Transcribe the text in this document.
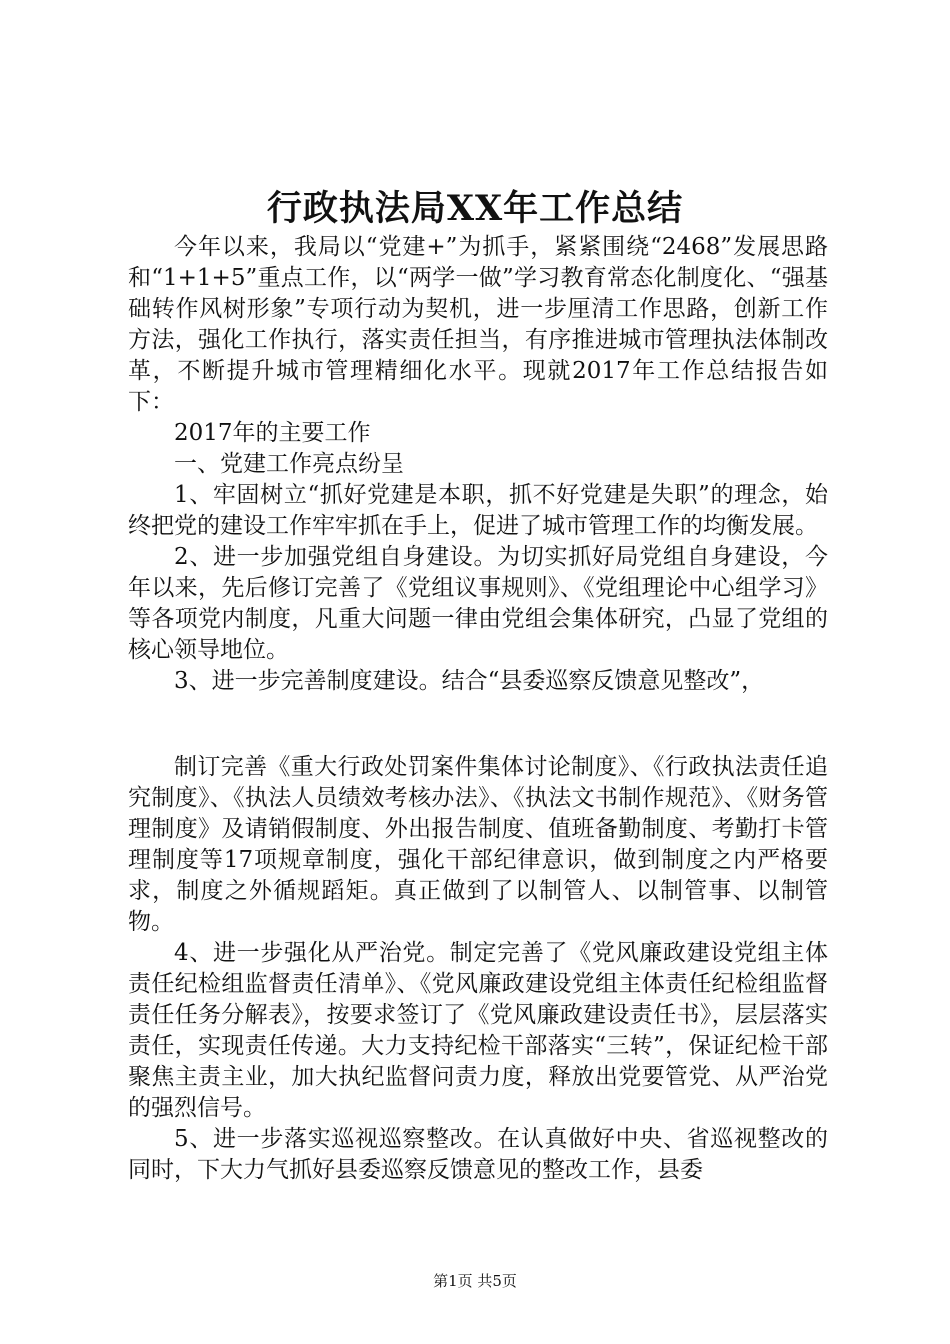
行政执法局XX年工作总结

今年以来，我局以“党建+”为抓手，紧紧围绕“2468”发展思路和“1+1+5”重点工作，以“两学一做”学习教育常态化制度化、“强基础转作风树形象”专项行动为契机，进一步厘清工作思路，创新工作方法，强化工作执行，落实责任担当，有序推进城市管理执法体制改革，不断提升城市管理精细化水平。现就2017年工作总结报告如下：

2017年的主要工作

一、党建工作亮点纷呈

1、牢固树立“抓好党建是本职，抓不好党建是失职”的理念，始终把党的建设工作牢牢抓在手上，促进了城市管理工作的均衡发展。

2、进一步加强党组自身建设。为切实抓好局党组自身建设，今年以来，先后修订完善了《党组议事规则》、《党组理论中心组学习》等各项党内制度，凡重大问题一律由党组会集体研究，凸显了党组的核心领导地位。

3、进一步完善制度建设。结合“县委巡察反馈意见整改”，

制订完善《重大行政处罚案件集体讨论制度》、《行政执法责任追究制度》、《执法人员绩效考核办法》、《执法文书制作规范》、《财务管理制度》及请销假制度、外出报告制度、值班备勤制度、考勤打卡管理制度等17项规章制度，强化干部纪律意识，做到制度之内严格要求，制度之外循规蹈矩。真正做到了以制管人、以制管事、以制管物。

4、进一步强化从严治党。制定完善了《党风廉政建设党组主体责任纪检组监督责任清单》、《党风廉政建设党组主体责任纪检组监督责任任务分解表》，按要求签订了《党风廉政建设责任书》，层层落实责任，实现责任传递。大力支持纪检干部落实“三转”，保证纪检干部聚焦主责主业，加大执纪监督问责力度，释放出党要管党、从严治党的强烈信号。

5、进一步落实巡视巡察整改。在认真做好中央、省巡视整改的同时，下大力气抓好县委巡察反馈意见的整改工作，县委

第1页 共5页
